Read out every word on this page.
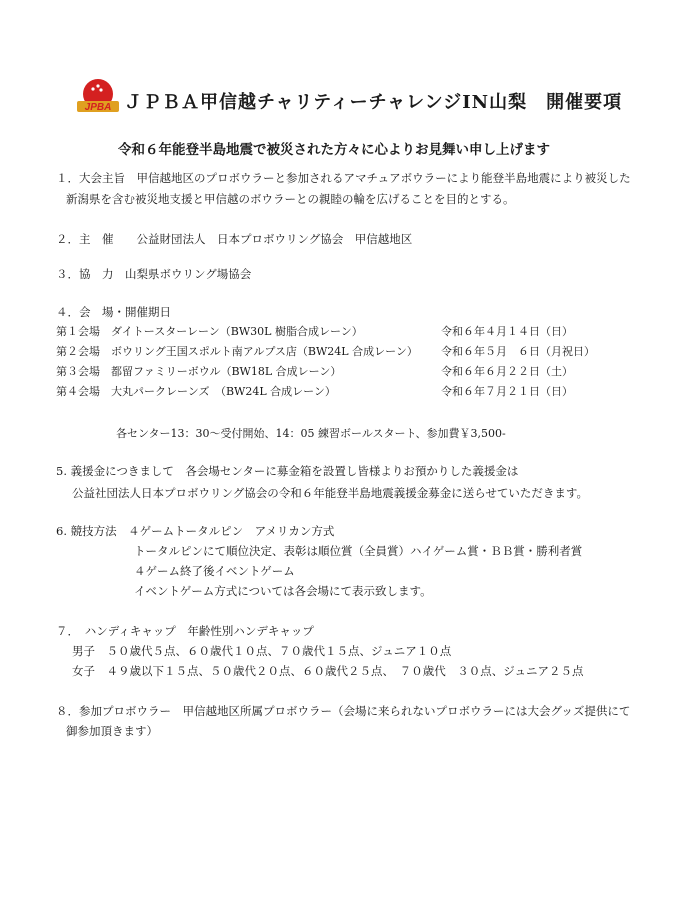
JPBA ＪＰＢＡ甲信越チャリティーチャレンジIN山梨　開催要項
令和６年能登半島地震で被災された方々に心よりお見舞い申し上げます
１．大会主旨　甲信越地区のプロボウラーと参加されるアマチュアボウラーにより能登半島地震により被災した
新潟県を含む被災地支援と甲信越のボウラーとの親睦の輪を広げることを目的とする。
２．主　催　　公益財団法人　日本プロボウリング協会　甲信越地区
３．協　力　山梨県ボウリング場協会
４．会　場・開催期日
第１会場　ダイトースターレーン（BW30L 樹脂合成レーン）	令和６年４月１４日（日）
第２会場　ボウリング王国スポルト南アルプス店（BW24L 合成レーン） 令和６年５月　６日（月祝日）
第３会場　都留ファミリーボウル（BW18L 合成レーン）	令和６年６月２２日（土）
第４会場　大丸パークレーンズ　（BW24L 合成レーン）	令和６年７月２１日（日）
各センター13：30〜受付開始、14：05 練習ボールスタート、参加費￥3,500-
5. 義援金につきまして　各会場センターに募金箱を設置し皆様よりお預かりした義援金は
公益社団法人日本プロボウリング協会の令和６年能登半島地震義援金募金に送らせていただきます。
6. 競技方法　４ゲームトータルピン　アメリカン方式
トータルピンにて順位決定、表彰は順位賞（全員賞）ハイゲーム賞・ＢＢ賞・勝利者賞
４ゲーム終了後イベントゲーム
イベントゲーム方式については各会場にて表示致します。
７．　ハンディキャップ　年齢性別ハンデキャップ
男子　５０歳代５点、６０歳代１０点、７０歳代１５点、ジュニア１０点
女子　４９歳以下１５点、５０歳代２０点、６０歳代２５点、　７０歳代　３０点、ジュニア２５点
８．参加プロボウラー　甲信越地区所属プロボウラー（会場に来られないプロボウラーには大会グッズ提供にて
御参加頂きます）
